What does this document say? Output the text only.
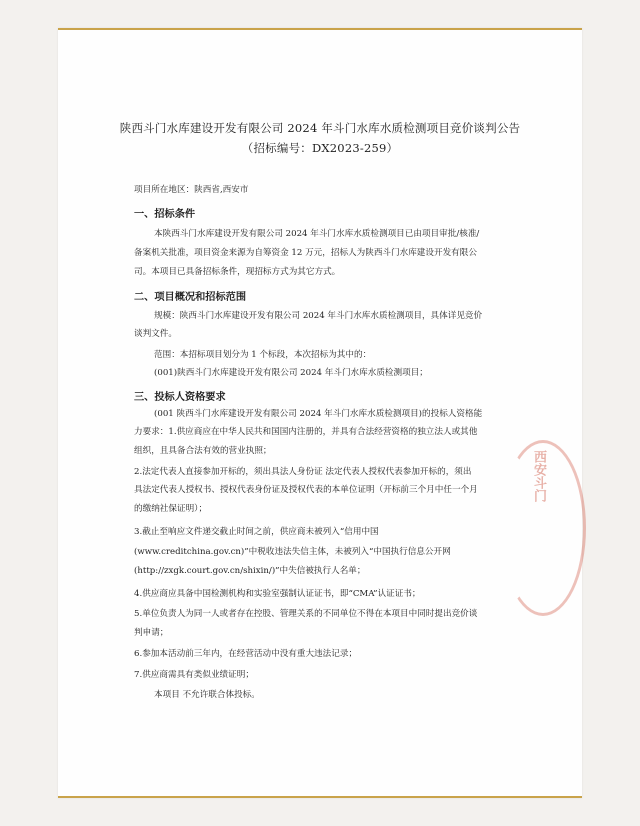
陕西斗门水库建设开发有限公司 2024 年斗门水库水质检测项目竞价谈判公告
（招标编号：DX2023-259）
项目所在地区：陕西省,西安市
一、招标条件
本陕西斗门水库建设开发有限公司 2024 年斗门水库水质检测项目已由项目审批/核准/
备案机关批准，项目资金来源为自筹资金 12 万元，招标人为陕西斗门水库建设开发有限公
司。本项目已具备招标条件，现招标方式为其它方式。
二、项目概况和招标范围
规模：陕西斗门水库建设开发有限公司 2024 年斗门水库水质检测项目，具体详见竞价
谈判文件。
范围：本招标项目划分为 1 个标段，本次招标为其中的：
(001)陕西斗门水库建设开发有限公司 2024 年斗门水库水质检测项目；
三、投标人资格要求
(001 陕西斗门水库建设开发有限公司 2024 年斗门水库水质检测项目)的投标人资格能
力要求：1.供应商应在中华人民共和国国内注册的，并具有合法经营资格的独立法人或其他
组织，且具备合法有效的营业执照；
2.法定代表人直接参加开标的，须出具法人身份证 法定代表人授权代表参加开标的，须出
具法定代表人授权书、授权代表身份证及授权代表的本单位证明（开标前三个月中任一个月
的缴纳社保证明）；
3.截止至响应文件递交截止时间之前，供应商未被列入“信用中国
(www.creditchina.gov.cn)”中税收违法失信主体，未被列入“中国执行信息公开网
(http://zxgk.court.gov.cn/shixin/)”中失信被执行人名单；
4.供应商应具备中国检测机构和实验室强制认证证书，即“CMA”认证证书；
5.单位负责人为同一人或者存在控股、管理关系的不同单位不得在本项目中同时提出竞价谈
判申请；
6.参加本活动前三年内，在经营活动中没有重大违法记录；
7.供应商需具有类似业绩证明；
本项目 不允许联合体投标。
西安斗门
